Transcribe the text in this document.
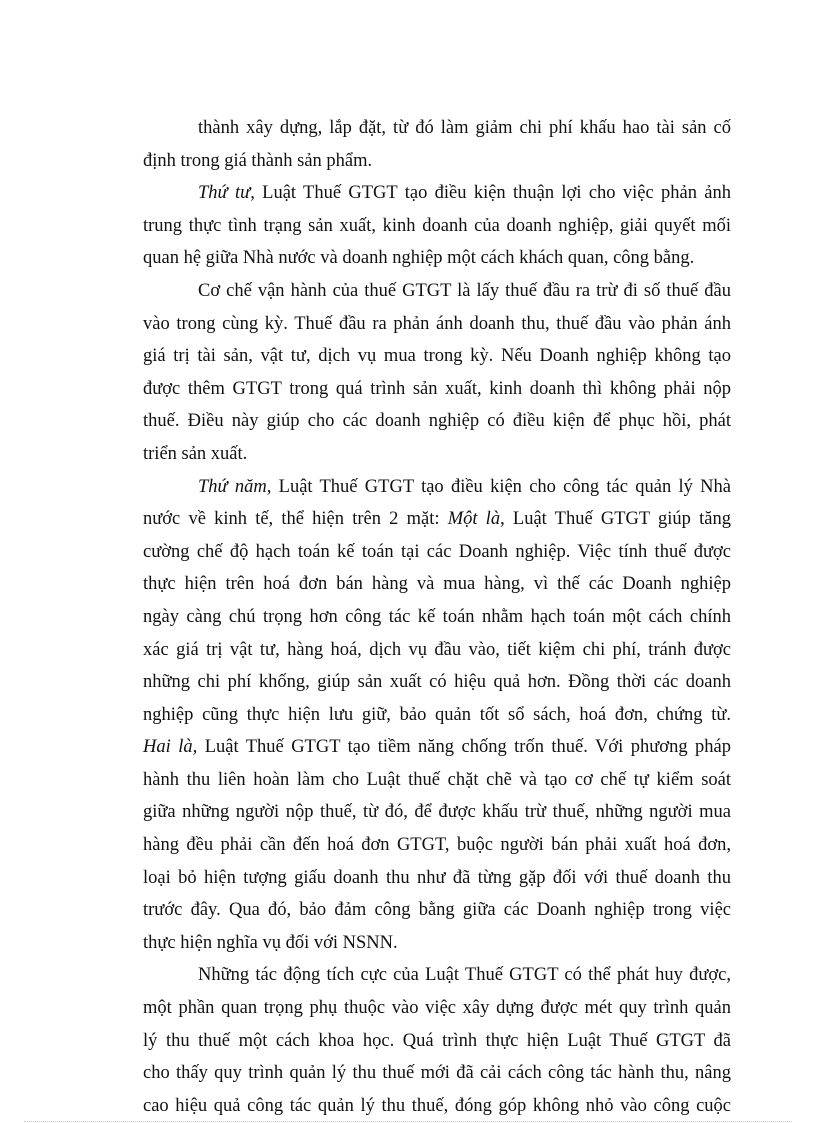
thành xây dựng, lắp đặt, từ đó làm giảm chi phí khấu hao tài sản cố
định trong giá thành sản phẩm.
Thứ tư, Luật Thuế GTGT tạo điều kiện thuận lợi cho việc phản ảnh
trung thực tình trạng sản xuất, kinh doanh của doanh nghiệp, giải quyết mối
quan hệ giữa Nhà nước và doanh nghiệp một cách khách quan, công bằng.
Cơ chế vận hành của thuế GTGT là lấy thuế đầu ra trừ đi số thuế đầu
vào trong cùng kỳ. Thuế đầu ra phản ánh doanh thu, thuế đầu vào phản ánh
giá trị tài sản, vật tư, dịch vụ mua trong kỳ. Nếu Doanh nghiệp không tạo
được thêm GTGT trong quá trình sản xuất, kinh doanh thì không phải nộp
thuế. Điều này giúp cho các doanh nghiệp có điều kiện để phục hồi, phát
triển sản xuất.
Thứ năm, Luật Thuế GTGT tạo điều kiện cho công tác quản lý Nhà
nước về kinh tế, thể hiện trên 2 mặt: Một là, Luật Thuế GTGT giúp tăng
cường chế độ hạch toán kế toán tại các Doanh nghiệp. Việc tính thuế được
thực hiện trên hoá đơn bán hàng và mua hàng, vì thế các Doanh nghiệp
ngày càng chú trọng hơn công tác kế toán nhằm hạch toán một cách chính
xác giá trị vật tư, hàng hoá, dịch vụ đầu vào, tiết kiệm chi phí, tránh được
những chi phí khống, giúp sản xuất có hiệu quả hơn. Đồng thời các doanh
nghiệp cũng thực hiện lưu giữ, bảo quản tốt sổ sách, hoá đơn, chứng từ.
Hai là, Luật Thuế GTGT tạo tiềm năng chống trốn thuế. Với phương pháp
hành thu liên hoàn làm cho Luật thuế chặt chẽ và tạo cơ chế tự kiểm soát
giữa những người nộp thuế, từ đó, để được khấu trừ thuế, những người mua
hàng đều phải cần đến hoá đơn GTGT, buộc người bán phải xuất hoá đơn,
loại bỏ hiện tượng giấu doanh thu như đã từng gặp đối với thuế doanh thu
trước đây. Qua đó, bảo đảm công bằng giữa các Doanh nghiệp trong việc
thực hiện nghĩa vụ đối với NSNN.
Những tác động tích cực của Luật Thuế GTGT có thể phát huy được,
một phần quan trọng phụ thuộc vào việc xây dựng được mét quy trình quản
lý thu thuế một cách khoa học. Quá trình thực hiện Luật Thuế GTGT đã
cho thấy quy trình quản lý thu thuế mới đã cải cách công tác hành thu, nâng
cao hiệu quả công tác quản lý thu thuế, đóng góp không nhỏ vào công cuộc
